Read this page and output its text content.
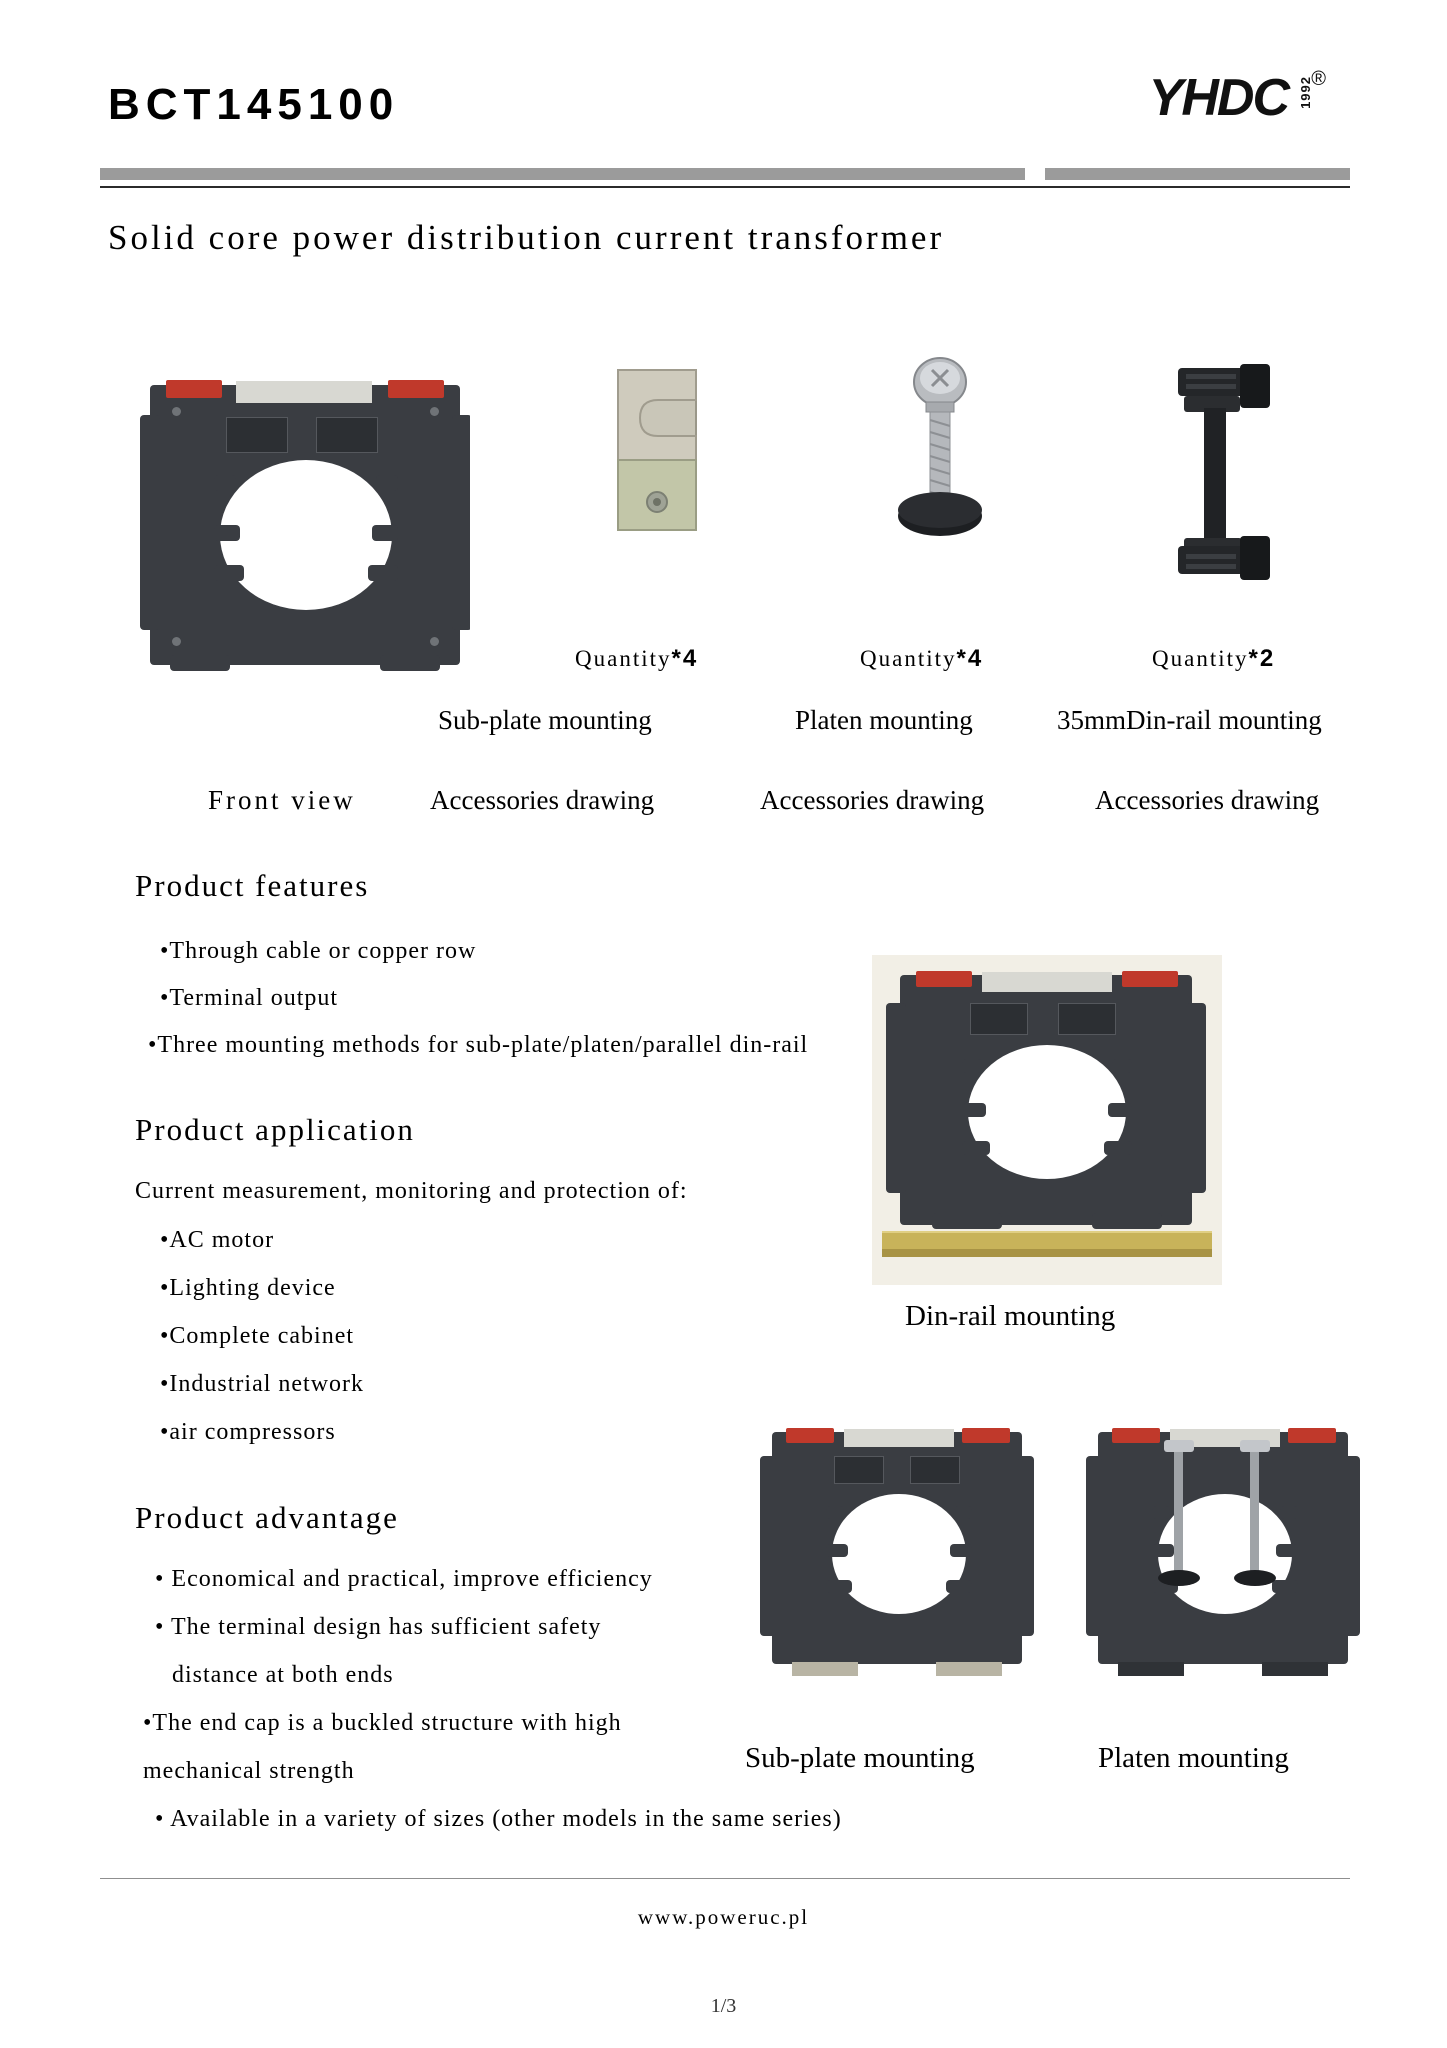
BCT145100	YHDC 1992
®
Solid core power distribution current transformer
Quantity*4	Quantity*4	Quantity*2
Sub-plate mounting	Platen mounting	35mmDin-rail mounting
Front view	Accessories drawing	Accessories drawing	Accessories drawing
Product features
•Through cable or copper row
•Terminal output
•Three mounting methods for sub-plate/platen/parallel din-rail
Product application
Current measurement, monitoring and protection of:
•AC motor
•Lighting device
•Complete cabinet
•Industrial network
•air compressors
Product advantage
• Economical and practical, improve efficiency
• The terminal design has sufficient safety
distance at both ends
•The end cap is a buckled structure with high
mechanical strength
• Available in a variety of sizes (other models in the same series)
Din-rail mounting
Sub-plate mounting	Platen mounting
www.poweruc.pl
1/3
